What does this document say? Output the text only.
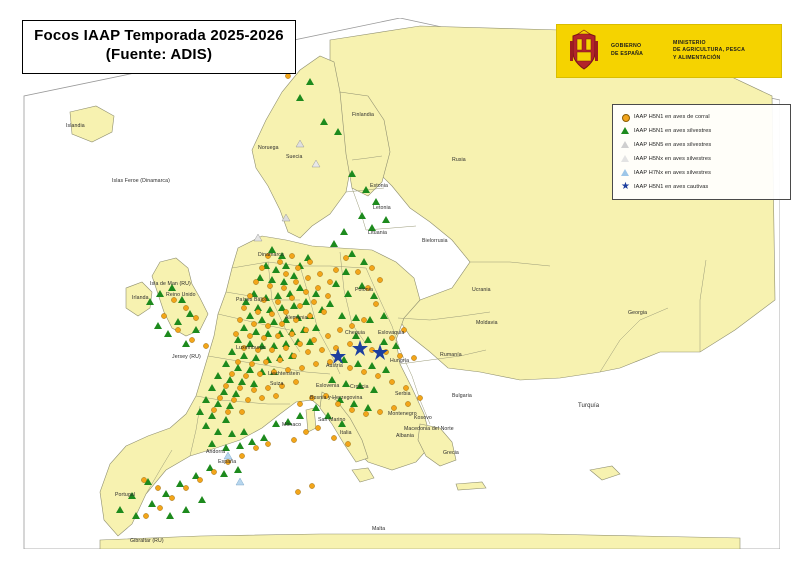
Islandia
Islas Feroe (Dinamarca)
Noruega
Suecia
Finlandia
Rusia
Estonia
Letonia
Lituania
Bielorrusia
Dinamarca
Irlanda
Isla de Man (RU)
Reino Unido
Países Bajos
Polonia	Ucrania
Georgia
Jersey (RU)
Luxemburgo
Alemania
Chequia Eslovaquia
Moldavia
Liechtenstein
Suiza
Austria
Hungría
Rumanía
Eslovenia Croacia
Serbia
Bosnia y Herzegovina	Bulgaria
Montenegro
Kosovo
Macedonia del Norte
Albania
San Marino
Mónaco
Italia
Grecia
Turquía
Andorra
España
Portugal
Gibraltar (RU)
Malta
Focos IAAP Temporada 2025-2026
(Fuente: ADIS)	GOBIERNO
DE ESPAÑA
MINISTERIO
DE AGRICULTURA, PESCA
Y ALIMENTACIÓN
IAAP H5N1 en aves de corral
IAAP H5N1 en aves silvestres
IAAP H5N5 en aves silvestres
IAAP H5Nx en aves silvestres
IAAP H7Nx en aves silvestres
★ IAAP H5N1 en aves cautivas
